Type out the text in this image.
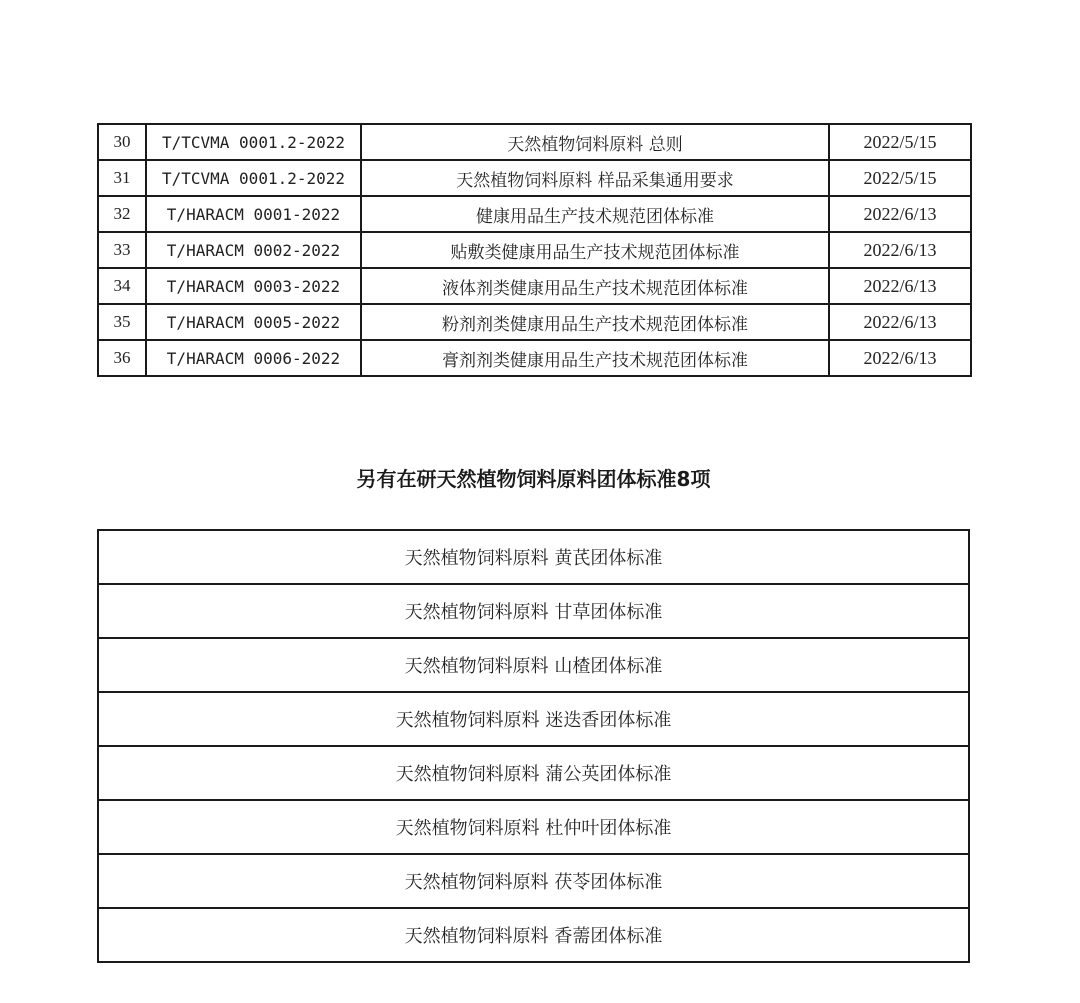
30	T/TCVMA 0001.2-2022	天然植物饲料原料 总则	2022/5/15
31	T/TCVMA 0001.2-2022	天然植物饲料原料 样品采集通用要求	2022/5/15
32	T/HARACM 0001-2022	健康用品生产技术规范团体标准	2022/6/13
33	T/HARACM 0002-2022	贴敷类健康用品生产技术规范团体标准	2022/6/13
34	T/HARACM 0003-2022	液体剂类健康用品生产技术规范团体标准	2022/6/13
35	T/HARACM 0005-2022	粉剂剂类健康用品生产技术规范团体标准	2022/6/13
36	T/HARACM 0006-2022	膏剂剂类健康用品生产技术规范团体标准	2022/6/13
另有在研天然植物饲料原料团体标准8项
天然植物饲料原料 黄芪团体标准
天然植物饲料原料 甘草团体标准
天然植物饲料原料 山楂团体标准
天然植物饲料原料 迷迭香团体标准
天然植物饲料原料 蒲公英团体标准
天然植物饲料原料 杜仲叶团体标准
天然植物饲料原料 茯苓团体标准
天然植物饲料原料 香薷团体标准
